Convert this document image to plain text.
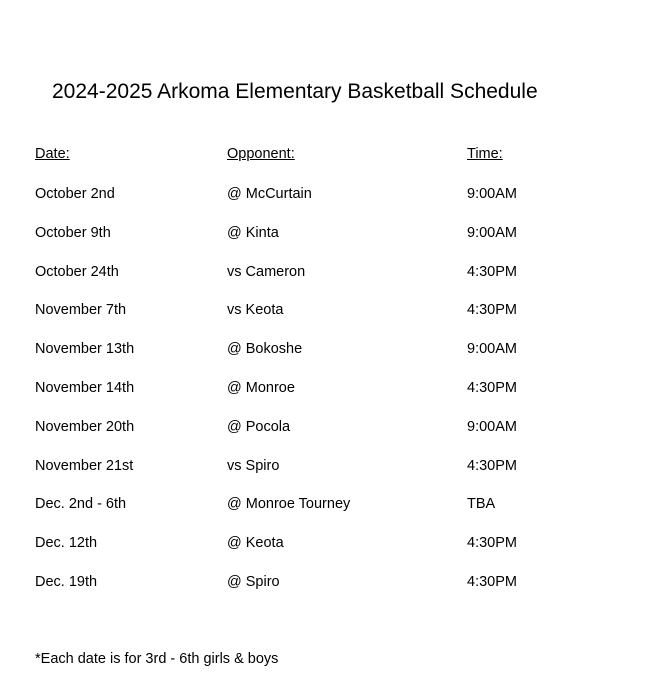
2024-2025 Arkoma Elementary Basketball Schedule
Date:	Opponent:	Time:
October 2nd	@ McCurtain	9:00AM
October 9th	@ Kinta	9:00AM
October 24th	vs Cameron	4:30PM
November 7th	vs Keota	4:30PM
November 13th	@ Bokoshe	9:00AM
November 14th	@ Monroe	4:30PM
November 20th	@ Pocola	9:00AM
November 21st	vs Spiro	4:30PM
Dec. 2nd - 6th	@ Monroe Tourney	TBA
Dec. 12th	@ Keota	4:30PM
Dec. 19th	@ Spiro	4:30PM
*Each date is for 3rd - 6th girls & boys
